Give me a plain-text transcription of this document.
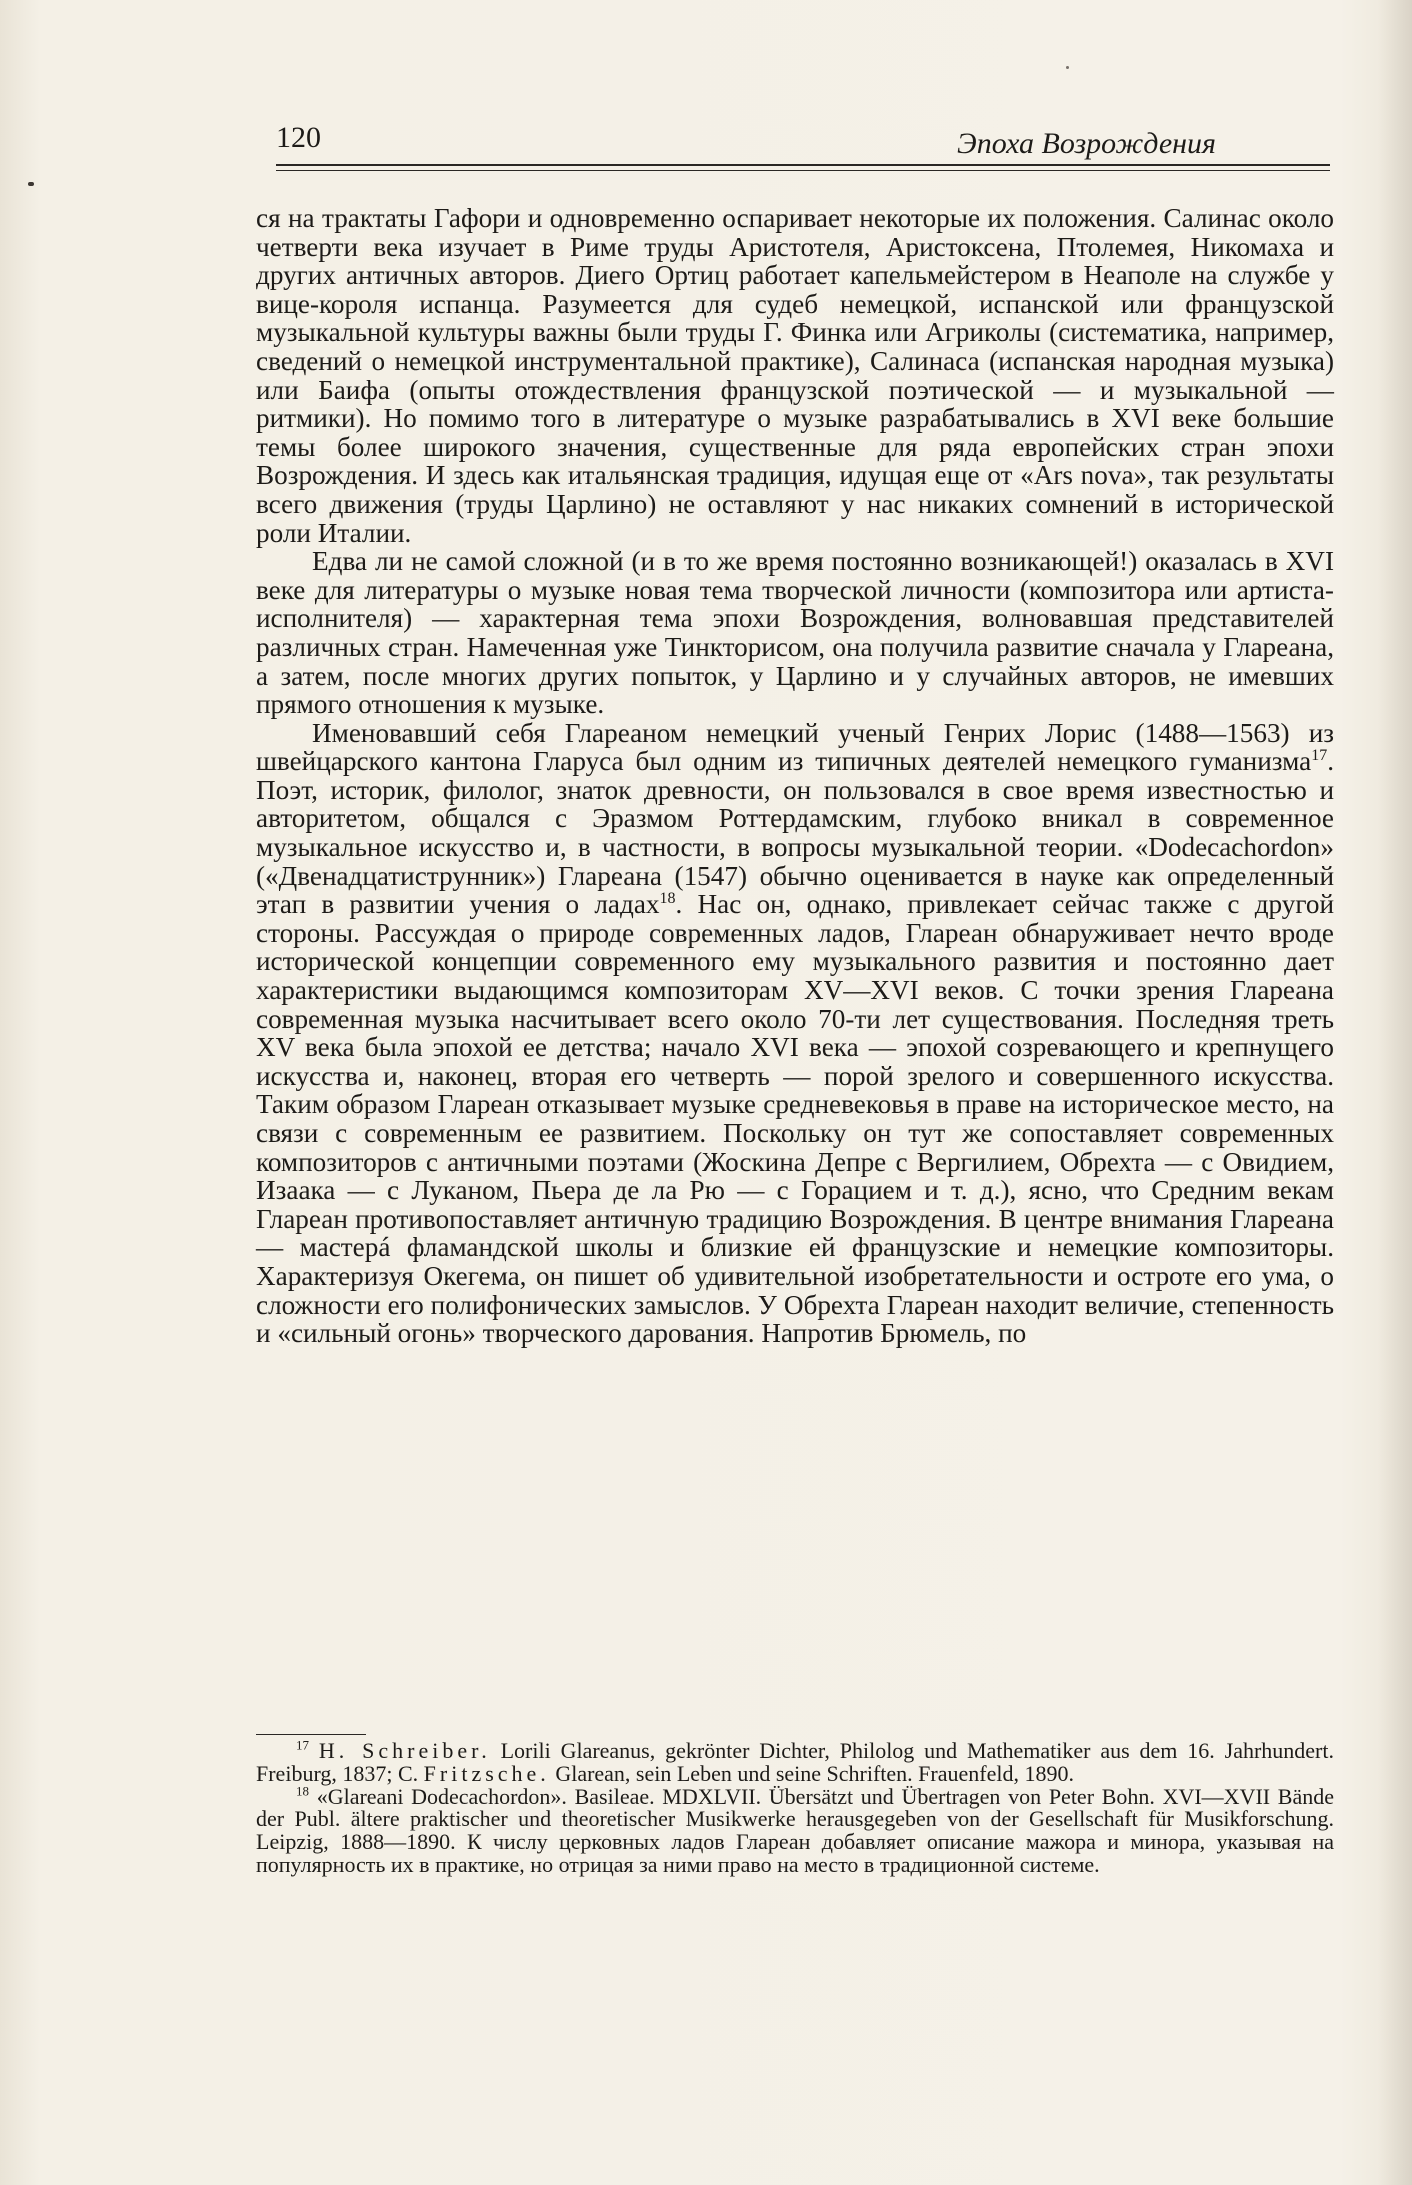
120	Эпоха Возрождения

ся на трактаты Гафори и одновременно оспаривает некоторые их положения. Салинас около четверти века изучает в Риме труды Аристотеля, Аристоксена, Птолемея, Никомаха и других античных авторов. Диего Ортиц работает капельмейстером в Неаполе на службе у вице-короля испанца. Разумеется для судеб немецкой, испанской или французской музыкальной культуры важны были труды Г. Финка или Агриколы (систематика, например, сведений о немецкой инструментальной практике), Салинаса (испанская народная музыка) или Баифа (опыты отождествления французской поэтической — и музыкальной — ритмики). Но помимо того в литературе о музыке разрабатывались в XVI веке большие темы более широкого значения, существенные для ряда европейских стран эпохи Возрождения. И здесь как итальянская традиция, идущая еще от «Ars nova», так результаты всего движения (труды Царлино) не оставляют у нас никаких сомнений в исторической роли Италии.

Едва ли не самой сложной (и в то же время постоянно возникающей!) оказалась в XVI веке для литературы о музыке новая тема творческой личности (композитора или артиста-исполнителя) — характерная тема эпохи Возрождения, волновавшая представителей различных стран. Намеченная уже Тинкторисом, она получила развитие сначала у Глареана, а затем, после многих других попыток, у Царлино и у случайных авторов, не имевших прямого отношения к музыке.

Именовавший себя Глареаном немецкий ученый Генрих Лорис (1488—1563) из швейцарского кантона Гларуса был одним из типичных деятелей немецкого гуманизма$^{17}$. Поэт, историк, филолог, знаток древности, он пользовался в свое время известностью и авторитетом, общался с Эразмом Роттердамским, глубоко вникал в современное музыкальное искусство и, в частности, в вопросы музыкальной теории. «Dodecachordon» («Двенадцатиструнник») Глареана (1547) обычно оценивается в науке как определенный этап в развитии учения о ладах$^{18}$. Нас он, однако, привлекает сейчас также с другой стороны. Рассуждая о природе современных ладов, Глареан обнаруживает нечто вроде исторической концепции современного ему музыкального развития и постоянно дает характеристики выдающимся композиторам XV—XVI веков. С точки зрения Глареана современная музыка насчитывает всего около 70-ти лет существования. Последняя треть XV века была эпохой ее детства; начало XVI века — эпохой созревающего и крепнущего искусства и, наконец, вторая его четверть — порой зрелого и совершенного искусства. Таким образом Глареан отказывает музыке средневековья в праве на историческое место, на связи с современным ее развитием. Поскольку он тут же сопоставляет современных композиторов с античными поэтами (Жоскина Депре с Вергилием, Обрехта — с Овидием, Изаака — с Луканом, Пьера де ла Рю — с Горацием и т. д.), ясно, что Средним векам Глареан противопоставляет античную традицию Возрождения. В центре внимания Глареана — мастерá фламандской школы и близкие ей французские и немецкие композиторы. Характеризуя Окегема, он пишет об удивительной изобретательности и остроте его ума, о сложности его полифонических замыслов. У Обрехта Глареан находит величие, степенность и «сильный огонь» творческого дарования. Напротив Брюмель, по

$^{17}$ H. Schreiber. Lorili Glareanus, gekrönter Dichter, Philolog und Mathematiker aus dem 16. Jahrhundert. Freiburg, 1837; C. Fritzsche. Glarean, sein Leben und seine Schriften. Frauenfeld, 1890.

$^{18}$ «Glareani Dodecachordon». Basileae. MDXLVII. Übersätzt und Übertragen von Peter Bohn. XVI—XVII Bände der Publ. ältere praktischer und theoretischer Musikwerke herausgegeben von der Gesellschaft für Musikforschung. Leipzig, 1888—1890. К числу церковных ладов Глареан добавляет описание мажора и минора, указывая на популярность их в практике, но отрицая за ними право на место в традиционной системе.
